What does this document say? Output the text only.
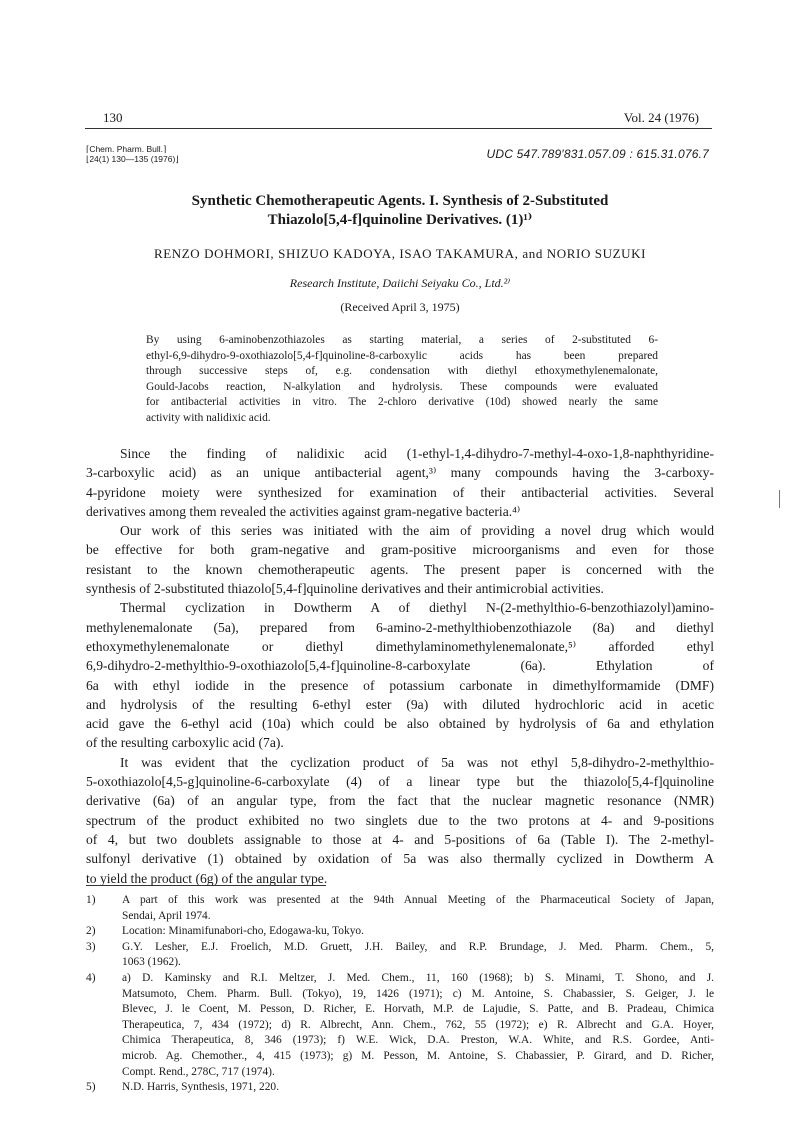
130	Vol. 24 (1976)
⌈Chem. Pharm. Bull.⌉
⌊24(1) 130—135 (1976)⌋	UDC 547.789′831.057.09 : 615.31.076.7
Synthetic Chemotherapeutic Agents. I. Synthesis of 2-Substituted
Thiazolo[5,4-f]quinoline Derivatives. (1)¹⁾
RENZO DOHMORI, SHIZUO KADOYA, ISAO TAKAMURA, and NORIO SUZUKI
Research Institute, Daiichi Seiyaku Co., Ltd.²⁾
(Received April 3, 1975)
By using 6-aminobenzothiazoles as starting material, a series of 2-substituted 6-
ethyl-6,9-dihydro-9-oxothiazolo[5,4-f]quinoline-8-carboxylic acids has been prepared
through successive steps of, e.g. condensation with diethyl ethoxymethylenemalonate,
Gould-Jacobs reaction, N-alkylation and hydrolysis. These compounds were evaluated
for antibacterial activities in vitro. The 2-chloro derivative (10d) showed nearly the same
activity with nalidixic acid.
Since the finding of nalidixic acid (1-ethyl-1,4-dihydro-7-methyl-4-oxo-1,8-naphthyridine-
3-carboxylic acid) as an unique antibacterial agent,³⁾ many compounds having the 3-carboxy-
4-pyridone moiety were synthesized for examination of their antibacterial activities. Several
derivatives among them revealed the activities against gram-negative bacteria.⁴⁾
Our work of this series was initiated with the aim of providing a novel drug which would
be effective for both gram-negative and gram-positive microorganisms and even for those
resistant to the known chemotherapeutic agents. The present paper is concerned with the
synthesis of 2-substituted thiazolo[5,4-f]quinoline derivatives and their antimicrobial activities.
Thermal cyclization in Dowtherm A of diethyl N-(2-methylthio-6-benzothiazolyl)amino-
methylenemalonate (5a), prepared from 6-amino-2-methylthiobenzothiazole (8a) and diethyl
ethoxymethylenemalonate or diethyl dimethylaminomethylenemalonate,⁵⁾ afforded ethyl
6,9-dihydro-2-methylthio-9-oxothiazolo[5,4-f]quinoline-8-carboxylate (6a). Ethylation of
6a with ethyl iodide in the presence of potassium carbonate in dimethylformamide (DMF)
and hydrolysis of the resulting 6-ethyl ester (9a) with diluted hydrochloric acid in acetic
acid gave the 6-ethyl acid (10a) which could be also obtained by hydrolysis of 6a and ethylation
of the resulting carboxylic acid (7a).
It was evident that the cyclization product of 5a was not ethyl 5,8-dihydro-2-methylthio-
5-oxothiazolo[4,5-g]quinoline-6-carboxylate (4) of a linear type but the thiazolo[5,4-f]quinoline
derivative (6a) of an angular type, from the fact that the nuclear magnetic resonance (NMR)
spectrum of the product exhibited no two singlets due to the two protons at 4- and 9-positions
of 4, but two doublets assignable to those at 4- and 5-positions of 6a (Table I). The 2-methyl-
sulfonyl derivative (1) obtained by oxidation of 5a was also thermally cyclized in Dowtherm A
to yield the product (6g) of the angular type.
1) A part of this work was presented at the 94th Annual Meeting of the Pharmaceutical Society of Japan,
Sendai, April 1974.
2) Location: Minamifunabori-cho, Edogawa-ku, Tokyo.
3) G.Y. Lesher, E.J. Froelich, M.D. Gruett, J.H. Bailey, and R.P. Brundage, J. Med. Pharm. Chem., 5,
1063 (1962).
4) a) D. Kaminsky and R.I. Meltzer, J. Med. Chem., 11, 160 (1968); b) S. Minami, T. Shono, and J.
Matsumoto, Chem. Pharm. Bull. (Tokyo), 19, 1426 (1971); c) M. Antoine, S. Chabassier, S. Geiger, J. le
Blevec, J. le Coent, M. Pesson, D. Richer, E. Horvath, M.P. de Lajudie, S. Patte, and B. Pradeau, Chimica
Therapeutica, 7, 434 (1972); d) R. Albrecht, Ann. Chem., 762, 55 (1972); e) R. Albrecht and G.A. Hoyer,
Chimica Therapeutica, 8, 346 (1973); f) W.E. Wick, D.A. Preston, W.A. White, and R.S. Gordee, Anti-
microb. Ag. Chemother., 4, 415 (1973); g) M. Pesson, M. Antoine, S. Chabassier, P. Girard, and D. Richer,
Compt. Rend., 278C, 717 (1974).
5) N.D. Harris, Synthesis, 1971, 220.
